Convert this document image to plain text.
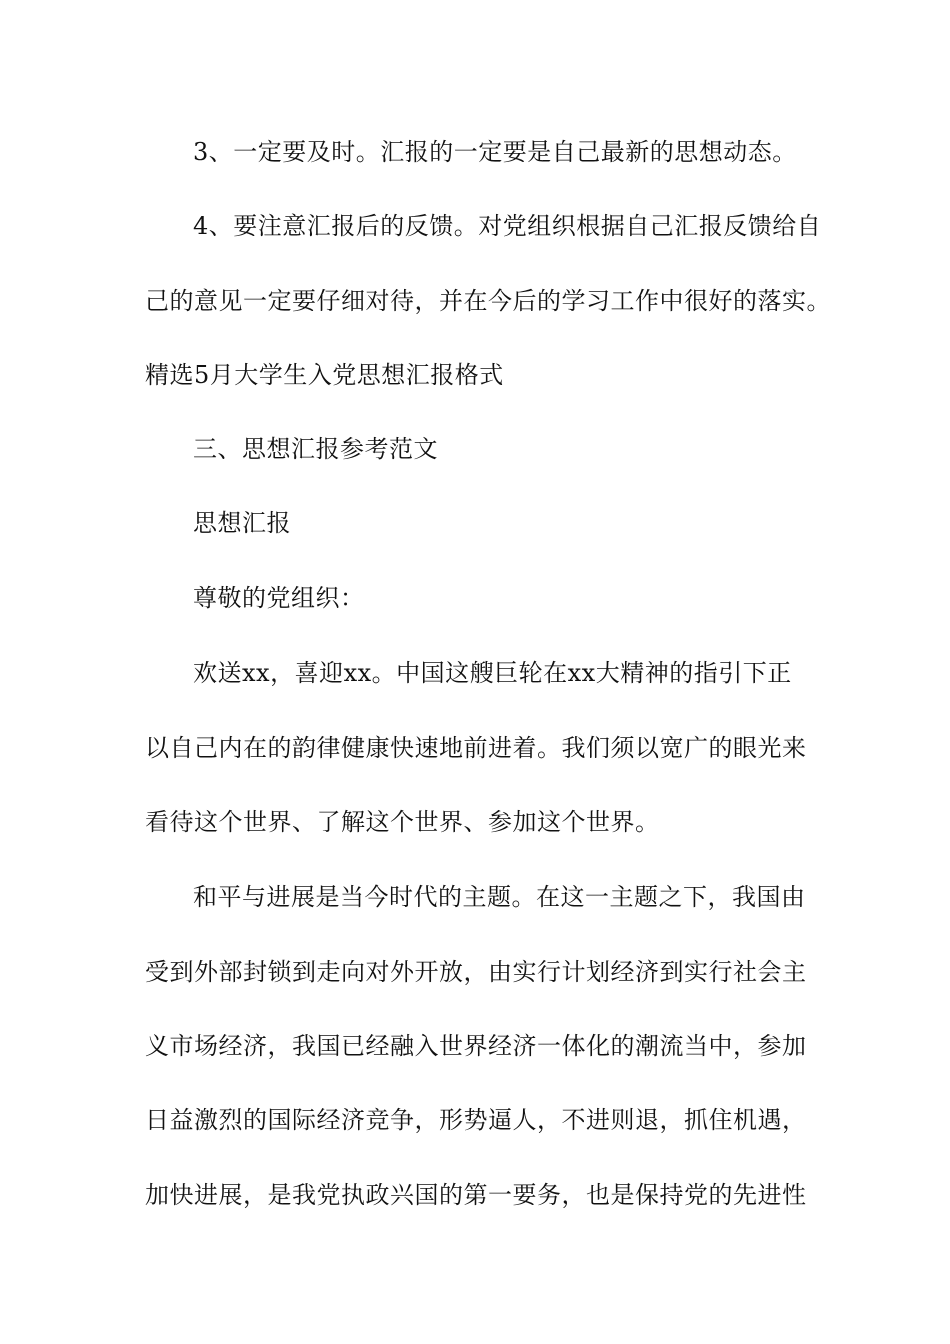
3、一定要及时。汇报的一定要是自己最新的思想动态。
4、要注意汇报后的反馈。对党组织根据自己汇报反馈给自
己的意见一定要仔细对待，并在今后的学习工作中很好的落实。
精选5月大学生入党思想汇报格式
三、思想汇报参考范文
思想汇报
尊敬的党组织：
欢送xx，喜迎xx。中国这艘巨轮在xx大精神的指引下正
以自己内在的韵律健康快速地前进着。我们须以宽广的眼光来
看待这个世界、了解这个世界、参加这个世界。
和平与进展是当今时代的主题。在这一主题之下，我国由
受到外部封锁到走向对外开放，由实行计划经济到实行社会主
义市场经济，我国已经融入世界经济一体化的潮流当中，参加
日益激烈的国际经济竞争，形势逼人，不进则退，抓住机遇，
加快进展，是我党执政兴国的第一要务，也是保持党的先进性
